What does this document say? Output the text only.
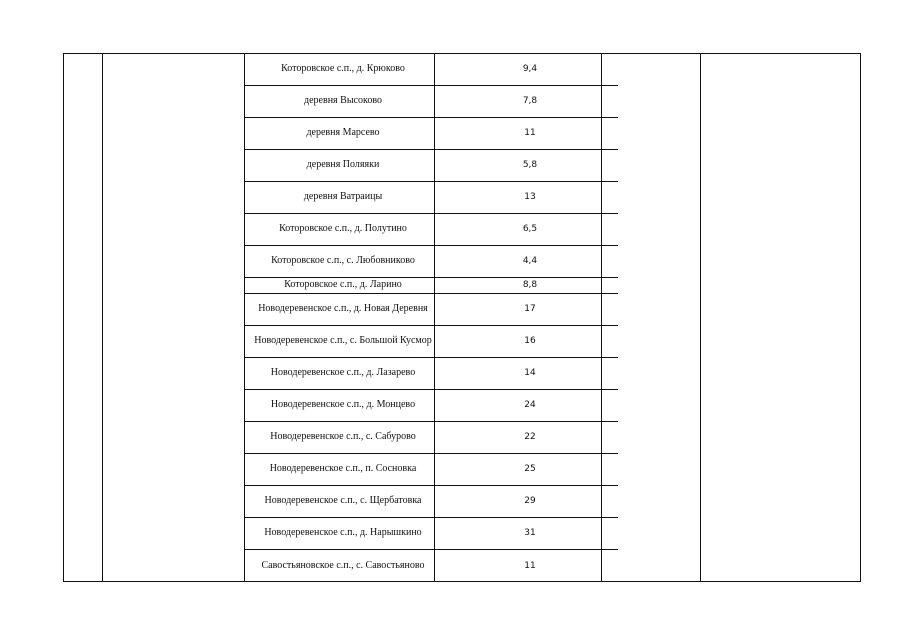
Которовское с.п., д. Крюково	9,4
деревня Высоково	7,8
деревня Марсево	11
деревня Поляяки	5,8
деревня Ватраицы	13
Которовское с.п., д. Полутино	6,5
Которовское с.п., с. Любовниково	4,4
Которовское с.п., д. Ларино	8,8
Новодеревенское с.п., д. Новая Деревня	17
Новодеревенское с.п., с. Большой Кусмор	16
Новодеревенское с.п., д. Лазарево	14
Новодеревенское с.п., д. Монцево	24
Новодеревенское с.п., с. Сабурово	22
Новодеревенское с.п., п. Сосновка	25
Новодеревенское с.п., с. Щербатовка	29
Новодеревенское с.п., д. Нарышкино	31
Савостьяновское с.п., с. Савостьяново	11
